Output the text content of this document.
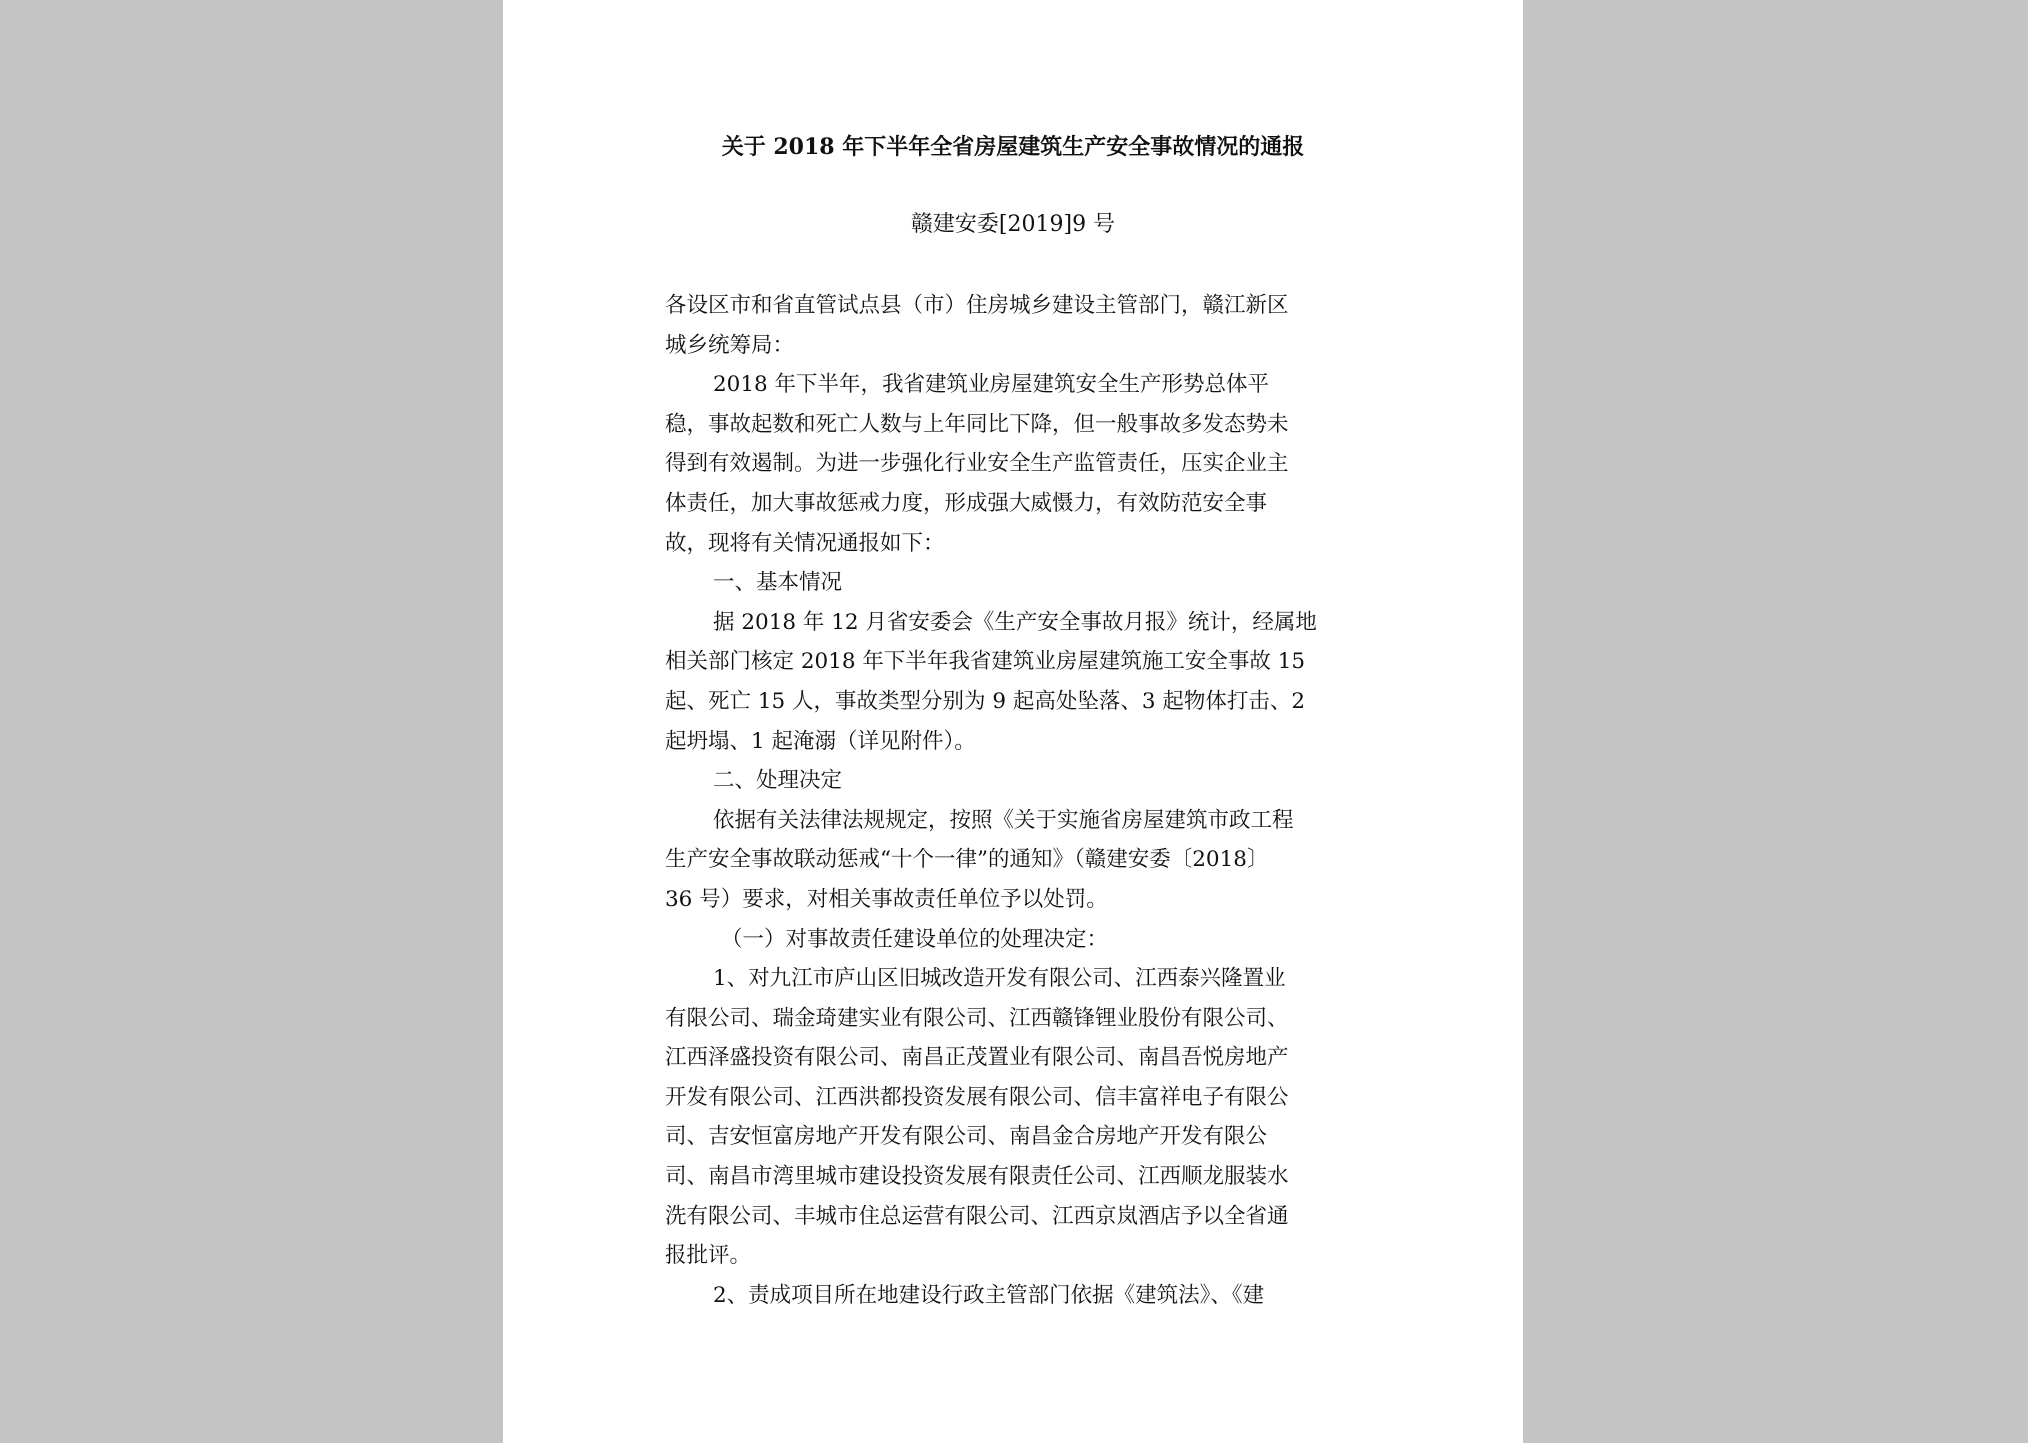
关于 2018 年下半年全省房屋建筑生产安全事故情况的通报
赣建安委[2019]9 号
各设区市和省直管试点县（市）住房城乡建设主管部门，赣江新区
城乡统筹局：
2018 年下半年，我省建筑业房屋建筑安全生产形势总体平
稳，事故起数和死亡人数与上年同比下降，但一般事故多发态势未
得到有效遏制。为进一步强化行业安全生产监管责任，压实企业主
体责任，加大事故惩戒力度，形成强大威慑力，有效防范安全事
故，现将有关情况通报如下：
一、基本情况
据 2018 年 12 月省安委会《生产安全事故月报》统计，经属地
相关部门核定 2018 年下半年我省建筑业房屋建筑施工安全事故 15
起、死亡 15 人，事故类型分别为 9 起高处坠落、3 起物体打击、2
起坍塌、1 起淹溺（详见附件）。
二、处理决定
依据有关法律法规规定，按照《关于实施省房屋建筑市政工程
生产安全事故联动惩戒“十个一律”的通知》（赣建安委〔2018〕
36 号）要求，对相关事故责任单位予以处罚。
（一）对事故责任建设单位的处理决定：
1、对九江市庐山区旧城改造开发有限公司、江西泰兴隆置业
有限公司、瑞金琦建实业有限公司、江西赣锋锂业股份有限公司、
江西泽盛投资有限公司、南昌正茂置业有限公司、南昌吾悦房地产
开发有限公司、江西洪都投资发展有限公司、信丰富祥电子有限公
司、吉安恒富房地产开发有限公司、南昌金合房地产开发有限公
司、南昌市湾里城市建设投资发展有限责任公司、江西顺龙服装水
洗有限公司、丰城市住总运营有限公司、江西京岚酒店予以全省通
报批评。
2、责成项目所在地建设行政主管部门依据《建筑法》、《建
